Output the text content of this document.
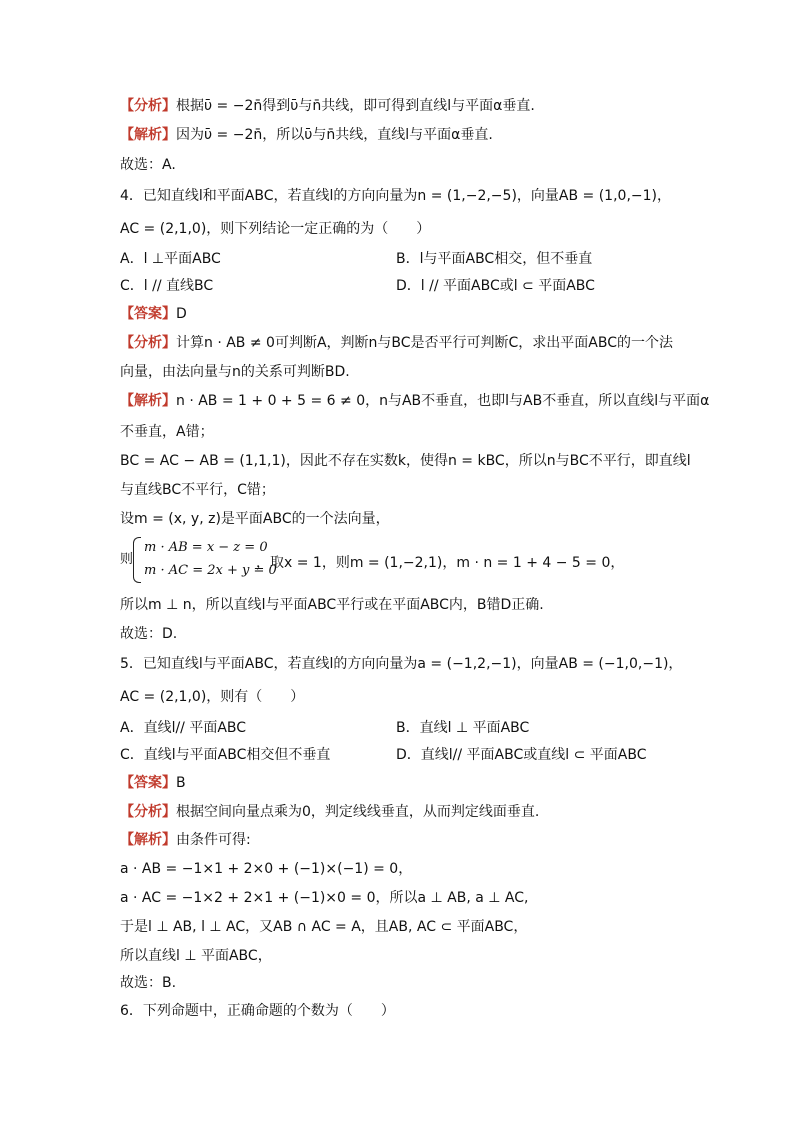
【分析】根据ῡ = −2n̄得到ῡ与n̄共线，即可得到直线l与平面α垂直.
【解析】因为ῡ = −2n̄，所以ῡ与n̄共线，直线l与平面α垂直.
故选：A.
4．已知直线l和平面ABC，若直线l的方向向量为n = (1,−2,−5)，向量AB = (1,0,−1)，
AC = (2,1,0)，则下列结论一定正确的为（　　）
A．l ⊥平面ABC	B．l与平面ABC相交，但不垂直
C．l // 直线BC	D．l // 平面ABC或l ⊂ 平面ABC
【答案】D
【分析】计算n · AB ≠ 0可判断A，判断n与BC是否平行可判断C，求出平面ABC的一个法
向量，由法向量与n的关系可判断BD.
【解析】n · AB = 1 + 0 + 5 = 6 ≠ 0，n与AB不垂直，也即l与AB不垂直，所以直线l与平面α
不垂直，A错；
BC = AC − AB = (1,1,1)，因此不存在实数k，使得n = kBC，所以n与BC不平行，即直线l
与直线BC不平行，C错；
设m = (x, y, z)是平面ABC的一个法向量，
则
m · AB = x − z = 0
m · AC = 2x + y = 0
，取x = 1，则m = (1,−2,1)，m · n = 1 + 4 − 5 = 0，
所以m ⊥ n，所以直线l与平面ABC平行或在平面ABC内，B错D正确.
故选：D.
5．已知直线l与平面ABC，若直线l的方向向量为a = (−1,2,−1)，向量AB = (−1,0,−1)，
AC = (2,1,0)，则有（　　）
A．直线l// 平面ABC	B．直线l ⊥ 平面ABC
C．直线l与平面ABC相交但不垂直	D．直线l// 平面ABC或直线l ⊂ 平面ABC
【答案】B
【分析】根据空间向量点乘为0，判定线线垂直，从而判定线面垂直.
【解析】由条件可得:
a · AB = −1×1 + 2×0 + (−1)×(−1) = 0，
a · AC = −1×2 + 2×1 + (−1)×0 = 0，所以a ⊥ AB, a ⊥ AC,
于是l ⊥ AB, l ⊥ AC，又AB ∩ AC = A，且AB, AC ⊂ 平面ABC，
所以直线l ⊥ 平面ABC，
故选：B.
6．下列命题中，正确命题的个数为（　　）
